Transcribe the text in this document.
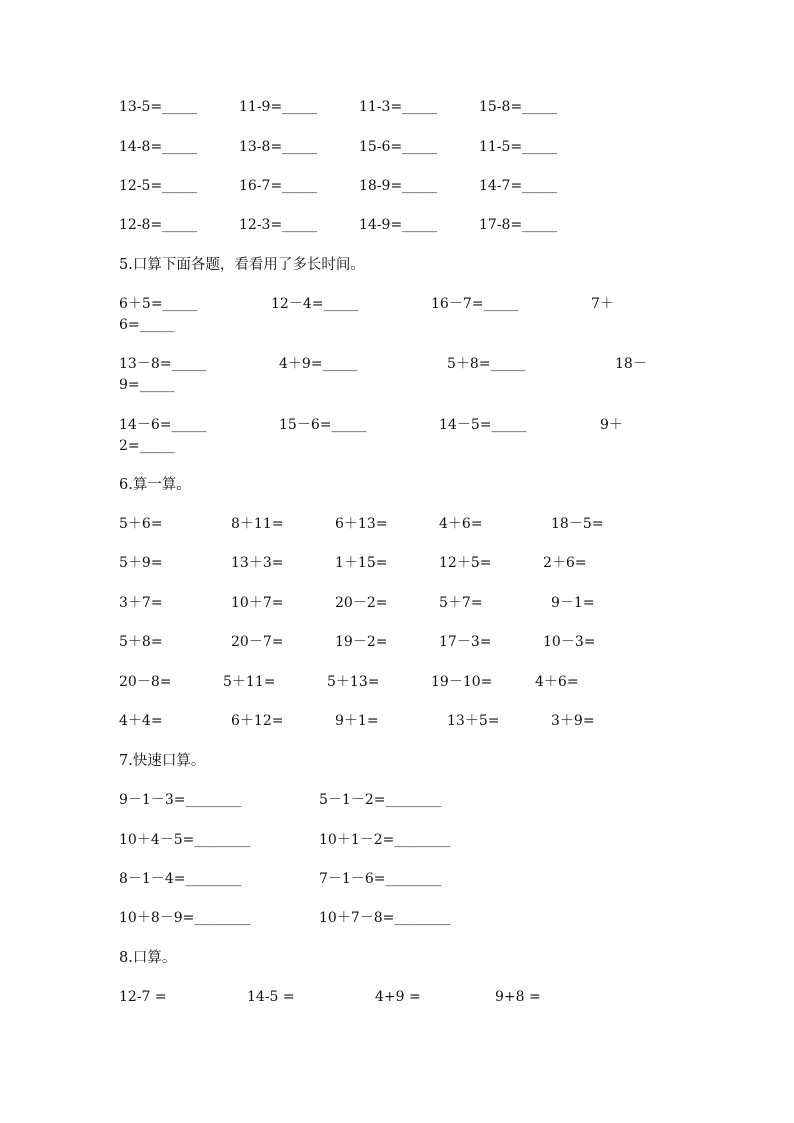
13-5=_____	11-9=_____	11-3=_____	15-8=_____
14-8=_____	13-8=_____	15-6=_____	11-5=_____
12-5=_____	16-7=_____	18-9=_____	14-7=_____
12-8=_____	12-3=_____	14-9=_____	17-8=_____
5.口算下面各题，看看用了多长时间。
6＋5=_____	12－4=_____	16－7=_____	7＋
6=_____
13－8=_____	4＋9=_____	5＋8=_____	18－
9=_____
14－6=_____	15－6=_____	14－5=_____	9＋
2=_____
6.算一算。
5＋6=	8＋11=	6＋13=	4＋6=	18－5=
5＋9=	13＋3=	1＋15=	12＋5=	2＋6=
3＋7=	10＋7=	20－2=	5＋7=	9－1=
5＋8=	20－7=	19－2=	17－3=	10－3=
20－8=	5＋11=	5＋13=	19－10=	4＋6=
4＋4=	6＋12=	9＋1=	13＋5=	3＋9=
7.快速口算。
9－1－3=________	5－1－2=________
10＋4－5=________	10＋1－2=________
8－1－4=________	7－1－6=________
10＋8－9=________	10＋7－8=________
8.口算。
12-7 =	14-5 =	4+9 =	9+8 =
